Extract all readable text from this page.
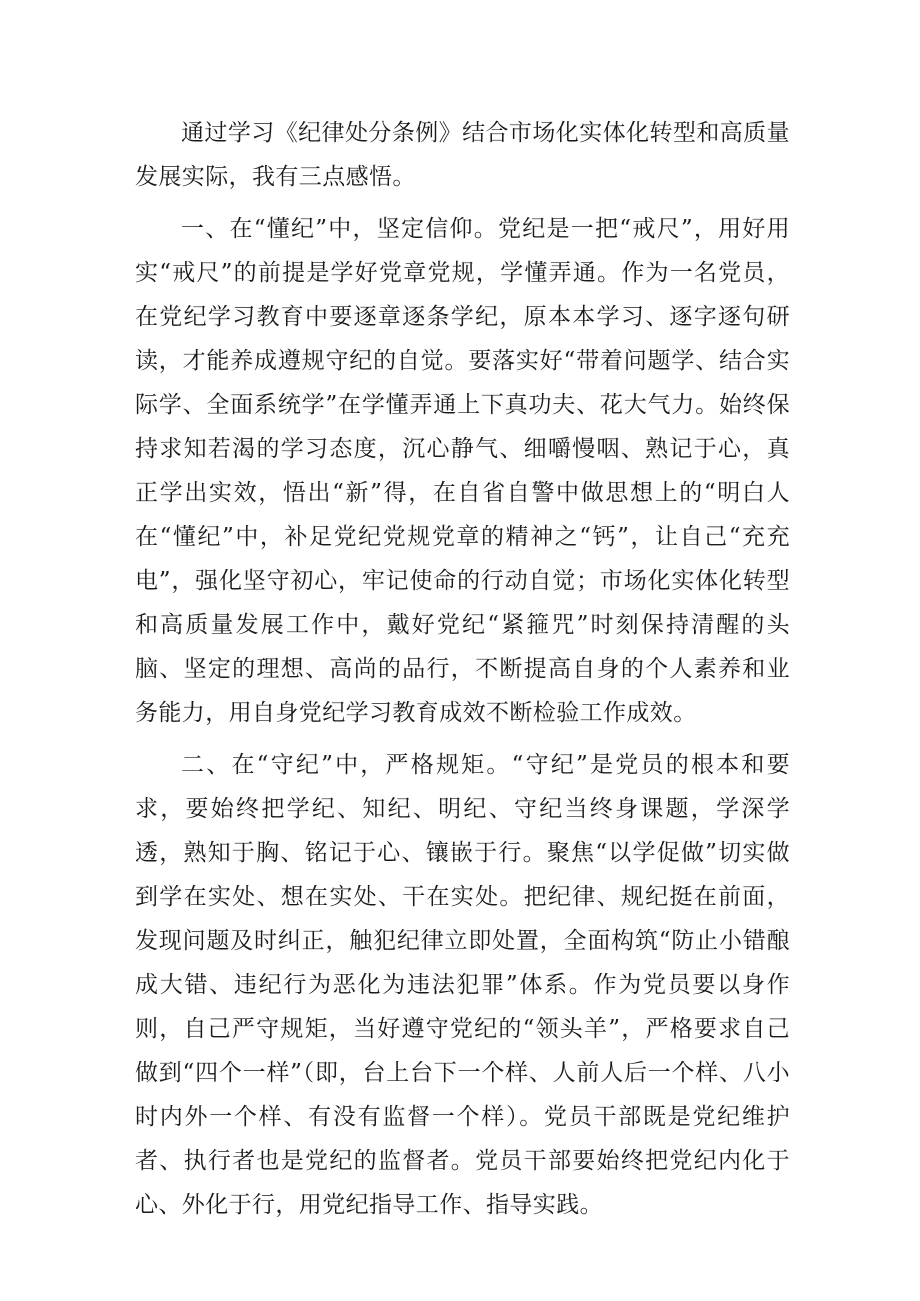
通过学习《纪律处分条例》结合市场化实体化转型和高质量发展实际，我有三点感悟。

一、在“懂纪”中，坚定信仰。党纪是一把“戒尺”，用好用实“戒尺”的前提是学好党章党规，学懂弄通。作为一名党员，在党纪学习教育中要逐章逐条学纪，原本本学习、逐字逐句研读，才能养成遵规守纪的自觉。要落实好“带着问题学、结合实际学、全面系统学”在学懂弄通上下真功夫、花大气力。始终保持求知若渴的学习态度，沉心静气、细嚼慢咽、熟记于心，真正学出实效，悟出“新”得，在自省自警中做思想上的“明白人在“懂纪”中，补足党纪党规党章的精神之“钙”，让自己“充充电”，强化坚守初心，牢记使命的行动自觉；市场化实体化转型和高质量发展工作中，戴好党纪“紧箍咒”时刻保持清醒的头脑、坚定的理想、高尚的品行，不断提高自身的个人素养和业务能力，用自身党纪学习教育成效不断检验工作成效。

二、在“守纪”中，严格规矩。“守纪”是党员的根本和要求，要始终把学纪、知纪、明纪、守纪当终身课题，学深学透，熟知于胸、铭记于心、镶嵌于行。聚焦“以学促做”切实做到学在实处、想在实处、干在实处。把纪律、规纪挺在前面，发现问题及时纠正，触犯纪律立即处置，全面构筑“防止小错酿成大错、违纪行为恶化为违法犯罪”体系。作为党员要以身作则，自己严守规矩，当好遵守党纪的“领头羊”，严格要求自己做到“四个一样”（即，台上台下一个样、人前人后一个样、八小时内外一个样、有没有监督一个样）。党员干部既是党纪维护者、执行者也是党纪的监督者。党员干部要始终把党纪内化于心、外化于行，用党纪指导工作、指导实践。
